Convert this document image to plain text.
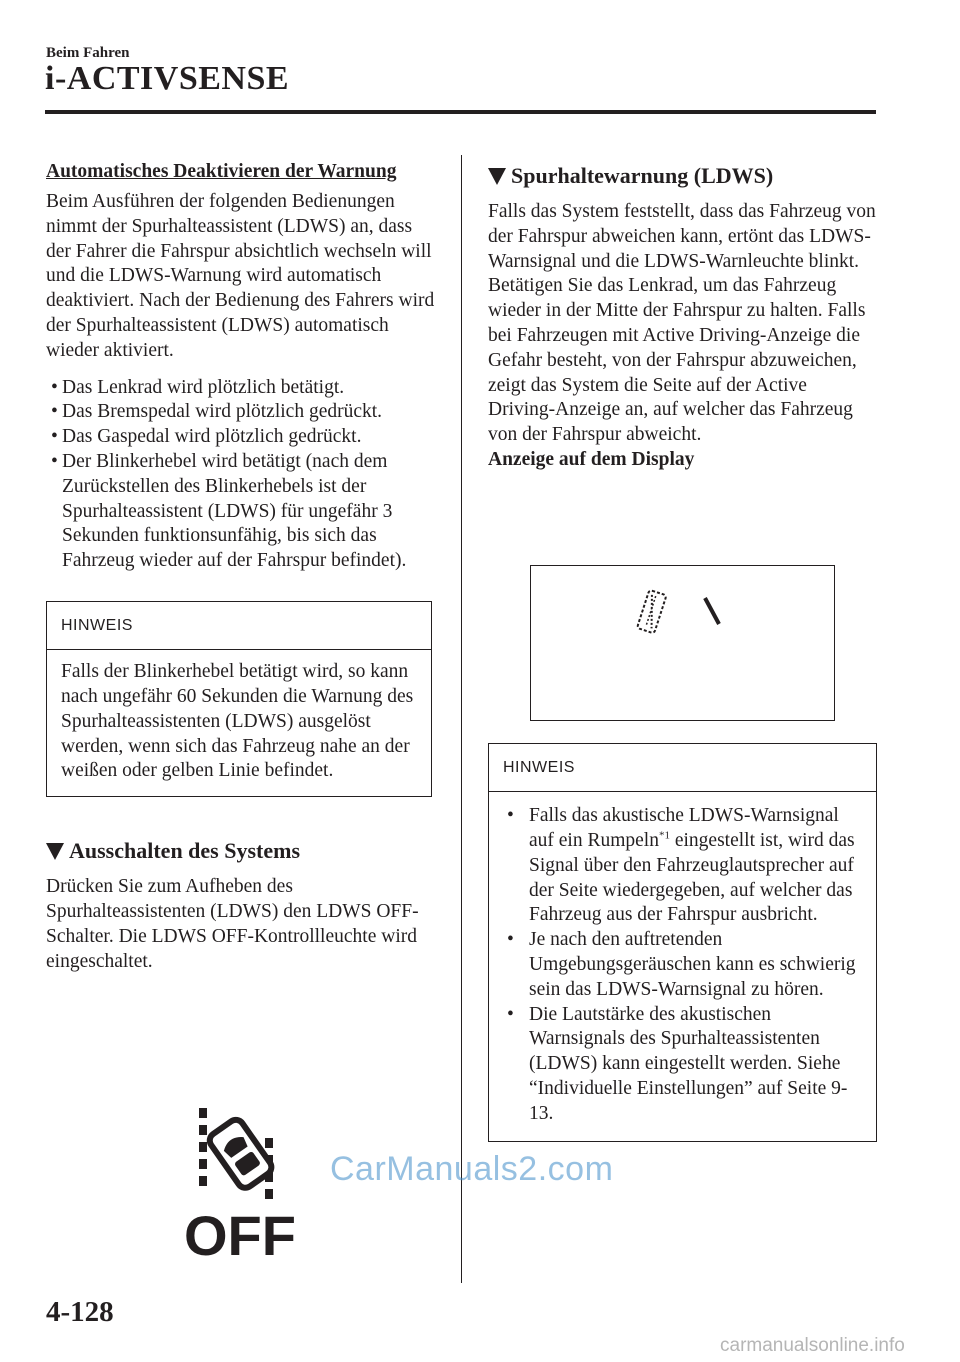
Beim Fahren
i-ACTIVSENSE

Automatisches Deaktivieren der Warnung

Beim Ausführen der folgenden Bedienungen nimmt der Spurhalteassistent (LDWS) an, dass der Fahrer die Fahrspur absichtlich wechseln will und die LDWS-Warnung wird automatisch deaktiviert. Nach der Bedienung des Fahrers wird der Spurhalteassistent (LDWS) automatisch wieder aktiviert.

• Das Lenkrad wird plötzlich betätigt.
• Das Bremspedal wird plötzlich gedrückt.
• Das Gaspedal wird plötzlich gedrückt.
• Der Blinkerhebel wird betätigt (nach dem Zurückstellen des Blinkerhebels ist der Spurhalteassistent (LDWS) für ungefähr 3 Sekunden funktionsunfähig, bis sich das Fahrzeug wieder auf der Fahrspur befindet).
HINWEIS
Falls der Blinkerhebel betätigt wird, so kann nach ungefähr 60 Sekunden die Warnung des Spurhalteassistenten (LDWS) ausgelöst werden, wenn sich das Fahrzeug nahe an der weißen oder gelben Linie befindet.
Ausschalten des Systems

Drücken Sie zum Aufheben des Spurhalteassistenten (LDWS) den LDWS OFF-Schalter. Die LDWS OFF-Kontrollleuchte wird eingeschaltet.

OFF
Spurhaltewarnung (LDWS)

Falls das System feststellt, dass das Fahrzeug von der Fahrspur abweichen kann, ertönt das LDWS-Warnsignal und die LDWS-Warnleuchte blinkt. Betätigen Sie das Lenkrad, um das Fahrzeug wieder in der Mitte der Fahrspur zu halten. Falls bei Fahrzeugen mit Active Driving-Anzeige die Gefahr besteht, von der Fahrspur abzuweichen, zeigt das System die Seite auf der Active Driving-Anzeige an, auf welcher das Fahrzeug von der Fahrspur abweicht.

Anzeige auf dem Display

HINWEIS
• Falls das akustische LDWS-Warnsignal auf ein Rumpeln$^{*1}$ eingestellt ist, wird das Signal über den Fahrzeuglautsprecher auf der Seite wiedergegeben, auf welcher das Fahrzeug aus der Fahrspur ausbricht.
• Je nach den auftretenden Umgebungsgeräuschen kann es schwierig sein das LDWS-Warnsignal zu hören.
• Die Lautstärke des akustischen Warnsignals des Spurhalteassistenten (LDWS) kann eingestellt werden. Siehe “Individuelle Einstellungen” auf Seite 9-13.
CarManuals2.com
4-128
carmanualsonline.info
